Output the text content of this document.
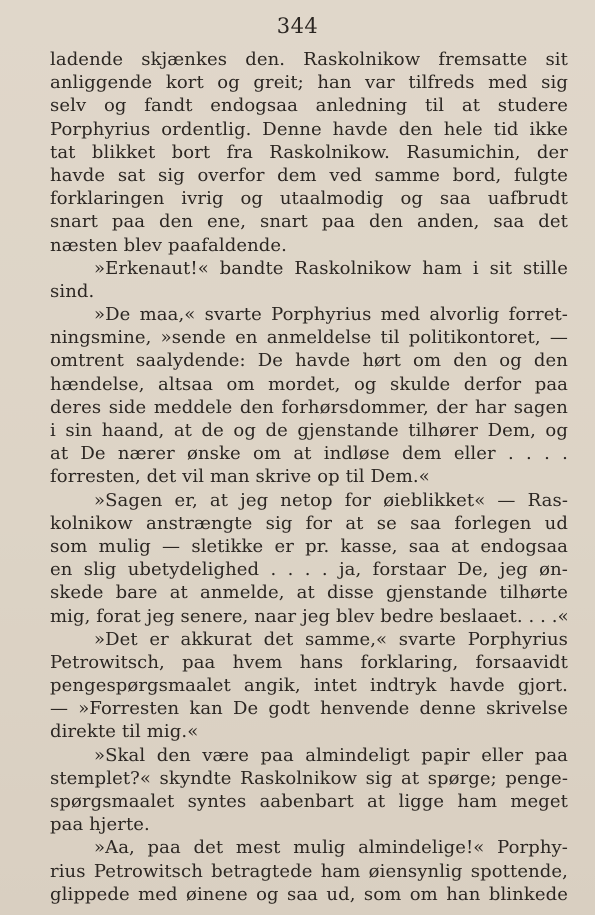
344
ladende skjænkes den. Raskolnikow fremsatte sit
anliggende kort og greit; han var tilfreds med sig
selv og fandt endogsaa anledning til at studere
Porphyrius ordentlig. Denne havde den hele tid ikke
tat blikket bort fra Raskolnikow. Rasumichin, der
havde sat sig overfor dem ved samme bord, fulgte
forklaringen ivrig og utaalmodig og saa uafbrudt
snart paa den ene, snart paa den anden, saa det
næsten blev paafaldende.
»Erkenaut!« bandte Raskolnikow ham i sit stille
sind.
»De maa,« svarte Porphyrius med alvorlig forret-
ningsmine, »sende en anmeldelse til politikontoret, —
omtrent saalydende: De havde hørt om den og den
hændelse, altsaa om mordet, og skulde derfor paa
deres side meddele den forhørsdommer, der har sagen
i sin haand, at de og de gjenstande tilhører Dem, og
at De nærer ønske om at indløse dem eller . . . .
forresten, det vil man skrive op til Dem.«
»Sagen er, at jeg netop for øieblikket« — Ras-
kolnikow anstrængte sig for at se saa forlegen ud
som mulig — sletikke er pr. kasse, saa at endogsaa
en slig ubetydelighed . . . . ja, forstaar De, jeg øn-
skede bare at anmelde, at disse gjenstande tilhørte
mig, forat jeg senere, naar jeg blev bedre beslaaet. . . .«
»Det er akkurat det samme,« svarte Porphyrius
Petrowitsch, paa hvem hans forklaring, forsaavidt
pengespørgsmaalet angik, intet indtryk havde gjort.
— »Forresten kan De godt henvende denne skrivelse
direkte til mig.«
»Skal den være paa almindeligt papir eller paa
stemplet?« skyndte Raskolnikow sig at spørge; penge-
spørgsmaalet syntes aabenbart at ligge ham meget
paa hjerte.
»Aa, paa det mest mulig almindelige!« Porphy-
rius Petrowitsch betragtede ham øiensynlig spottende,
glippede med øinene og saa ud, som om han blinkede
